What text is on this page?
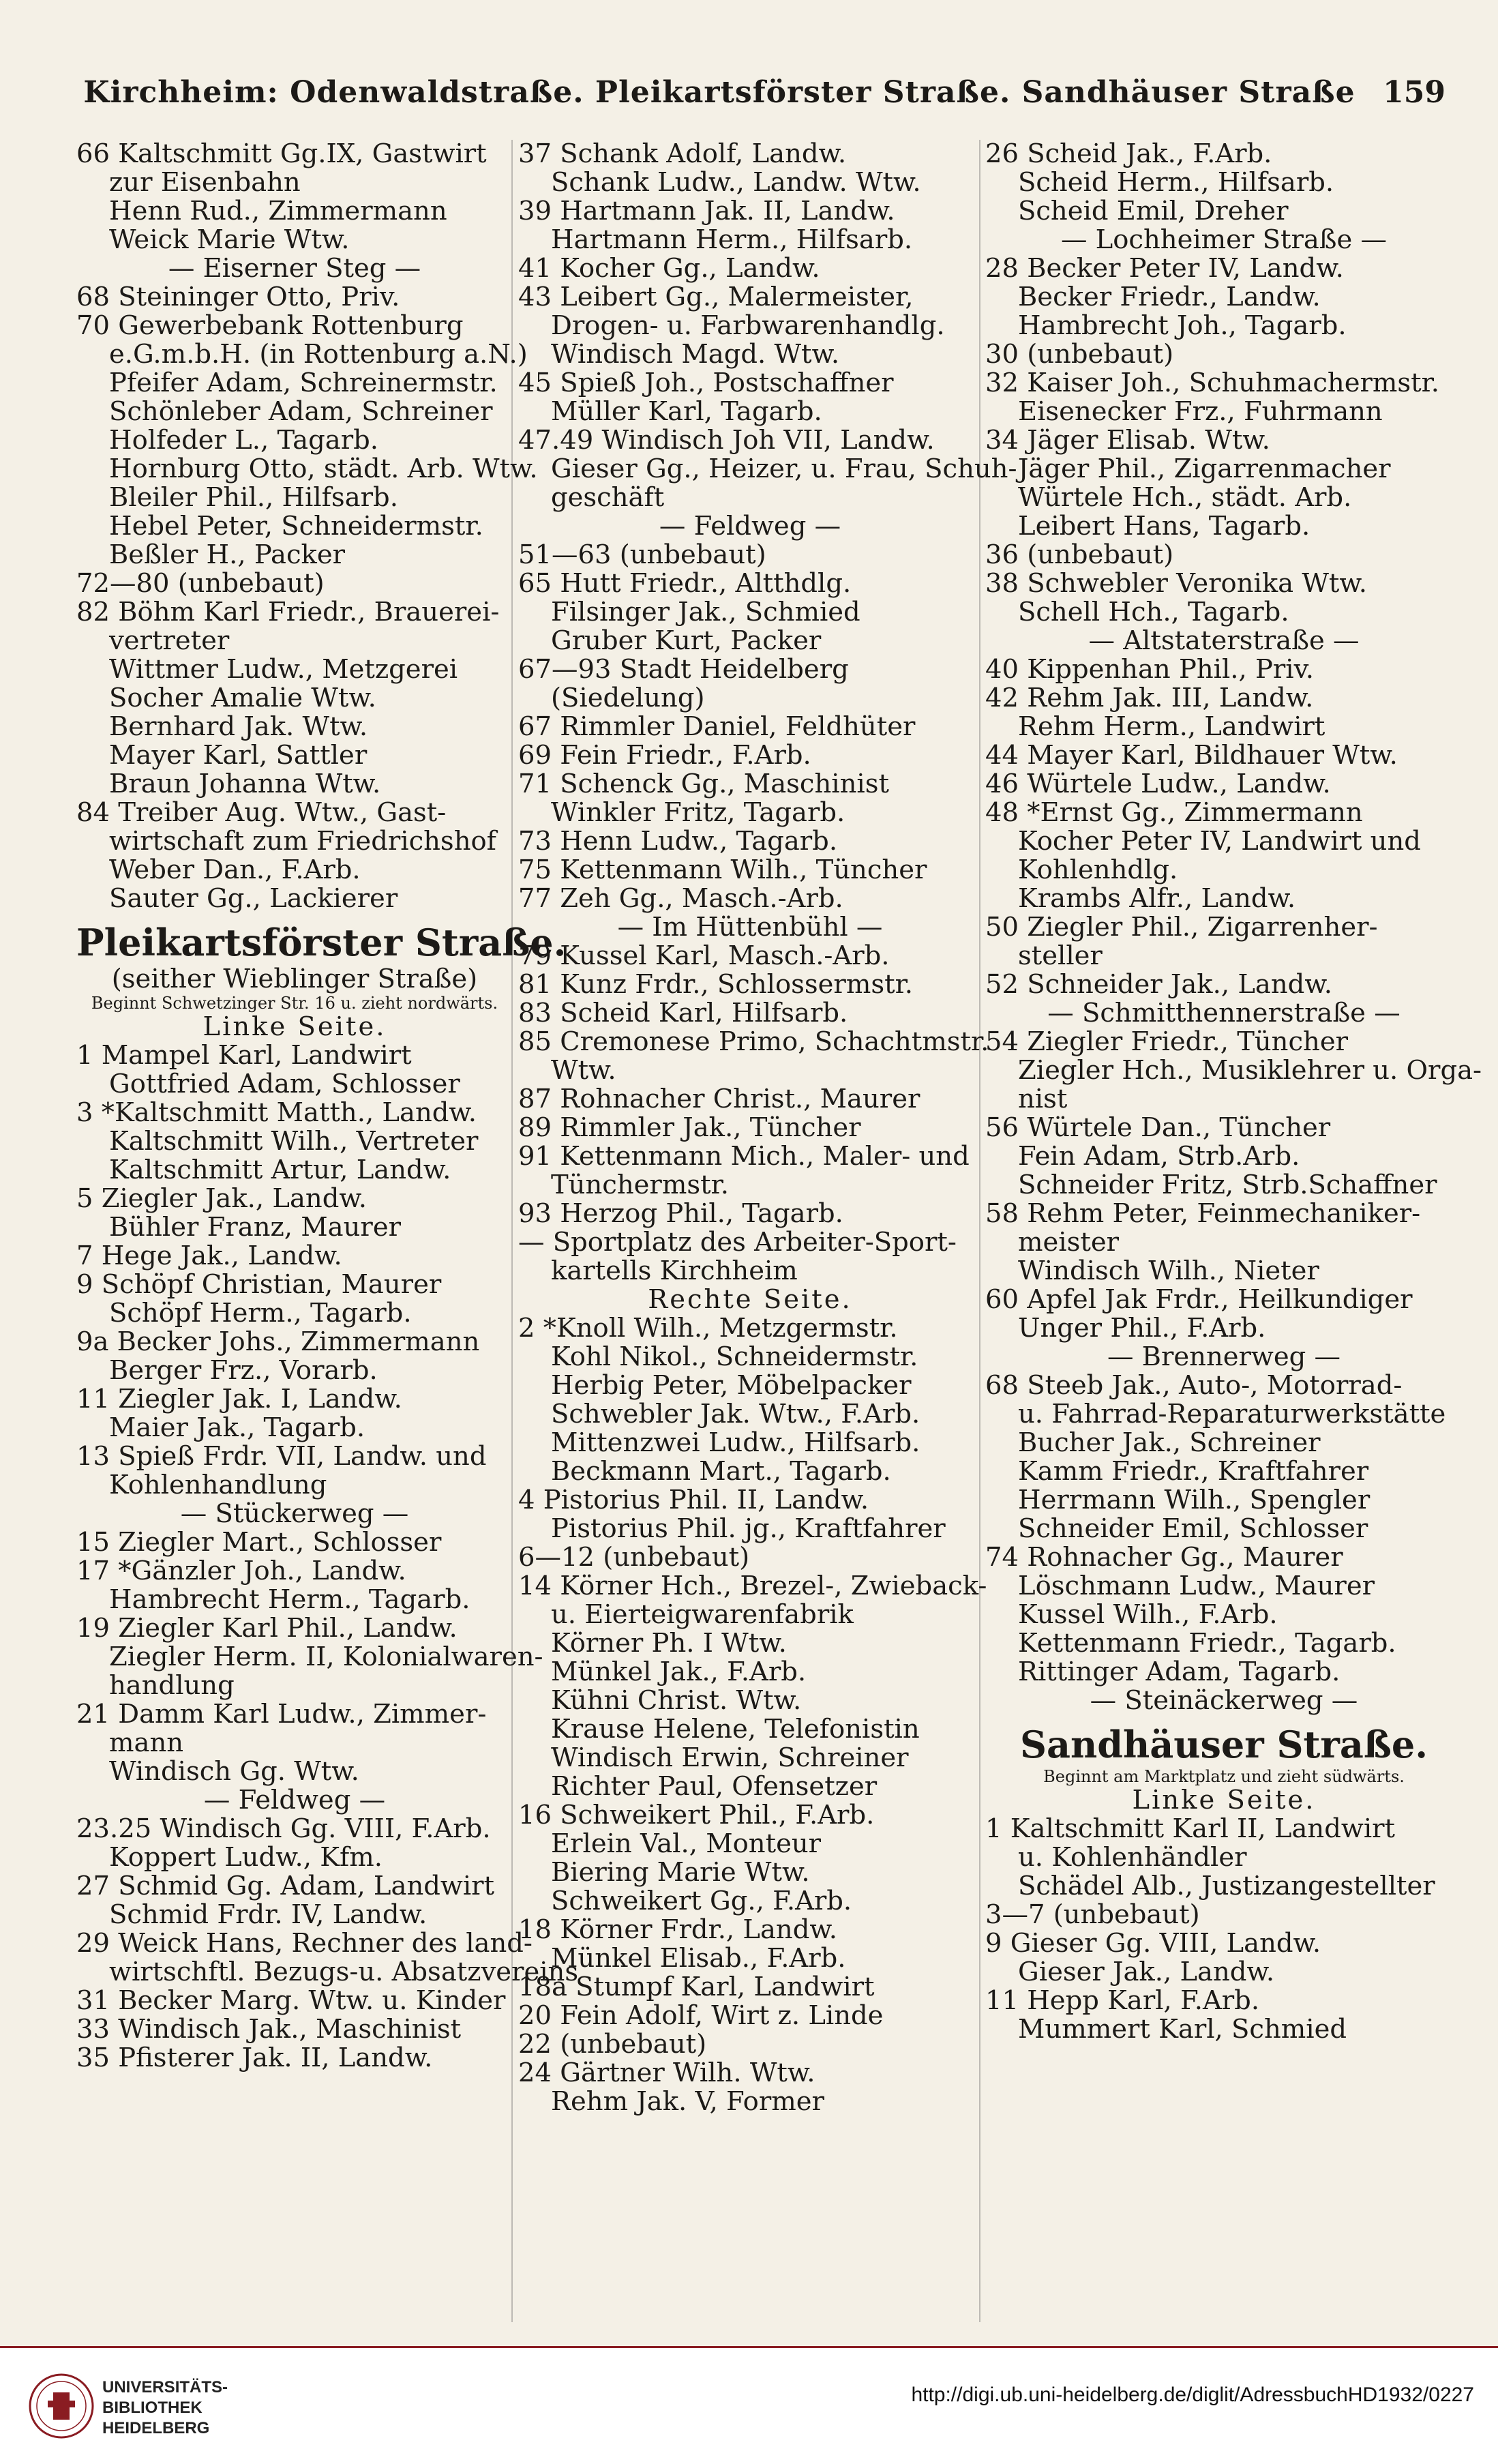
Kirchheim: Odenwaldstraße. Pleikartsförster Straße. Sandhäuser Straße 159
66 Kaltschmitt Gg.IX, Gastwirt
zur Eisenbahn
Henn Rud., Zimmermann
Weick Marie Wtw.
— Eiserner Steg —
68 Steininger Otto, Priv.
70 Gewerbebank Rottenburg
e.G.m.b.H. (in Rottenburg a.N.)
Pfeifer Adam, Schreinermstr.
Schönleber Adam, Schreiner
Holfeder L., Tagarb.
Hornburg Otto, städt. Arb. Wtw.
Bleiler Phil., Hilfsarb.
Hebel Peter, Schneidermstr.
Beßler H., Packer
72—80 (unbebaut)
82 Böhm Karl Friedr., Brauerei-
vertreter
Wittmer Ludw., Metzgerei
Socher Amalie Wtw.
Bernhard Jak. Wtw.
Mayer Karl, Sattler
Braun Johanna Wtw.
84 Treiber Aug. Wtw., Gast-
wirtschaft zum Friedrichshof
Weber Dan., F.Arb.
Sauter Gg., Lackierer
Pleikartsförster Straße.
(seither Wieblinger Straße)
Beginnt Schwetzinger Str. 16 u. zieht nordwärts.
Linke Seite.
1 Mampel Karl, Landwirt
Gottfried Adam, Schlosser
3 *Kaltschmitt Matth., Landw.
Kaltschmitt Wilh., Vertreter
Kaltschmitt Artur, Landw.
5 Ziegler Jak., Landw.
Bühler Franz, Maurer
7 Hege Jak., Landw.
9 Schöpf Christian, Maurer
Schöpf Herm., Tagarb.
9a Becker Johs., Zimmermann
Berger Frz., Vorarb.
11 Ziegler Jak. I, Landw.
Maier Jak., Tagarb.
13 Spieß Frdr. VII, Landw. und
Kohlenhandlung
— Stückerweg —
15 Ziegler Mart., Schlosser
17 *Gänzler Joh., Landw.
Hambrecht Herm., Tagarb.
19 Ziegler Karl Phil., Landw.
Ziegler Herm. II, Kolonialwaren-
handlung
21 Damm Karl Ludw., Zimmer-
mann
Windisch Gg. Wtw.
— Feldweg —
23.25 Windisch Gg. VIII, F.Arb.
Koppert Ludw., Kfm.
27 Schmid Gg. Adam, Landwirt
Schmid Frdr. IV, Landw.
29 Weick Hans, Rechner des land-
wirtschftl. Bezugs-u. Absatzvereins
31 Becker Marg. Wtw. u. Kinder
33 Windisch Jak., Maschinist
35 Pfisterer Jak. II, Landw.
37 Schank Adolf, Landw.
Schank Ludw., Landw. Wtw.
39 Hartmann Jak. II, Landw.
Hartmann Herm., Hilfsarb.
41 Kocher Gg., Landw.
43 Leibert Gg., Malermeister,
Drogen- u. Farbwarenhandlg.
Windisch Magd. Wtw.
45 Spieß Joh., Postschaffner
Müller Karl, Tagarb.
47.49 Windisch Joh VII, Landw.
Gieser Gg., Heizer, u. Frau, Schuh-
geschäft
— Feldweg —
51—63 (unbebaut)
65 Hutt Friedr., Altthdlg.
Filsinger Jak., Schmied
Gruber Kurt, Packer
67—93 Stadt Heidelberg
(Siedelung)
67 Rimmler Daniel, Feldhüter
69 Fein Friedr., F.Arb.
71 Schenck Gg., Maschinist
Winkler Fritz, Tagarb.
73 Henn Ludw., Tagarb.
75 Kettenmann Wilh., Tüncher
77 Zeh Gg., Masch.-Arb.
— Im Hüttenbühl —
79 Kussel Karl, Masch.-Arb.
81 Kunz Frdr., Schlossermstr.
83 Scheid Karl, Hilfsarb.
85 Cremonese Primo, Schachtmstr.
Wtw.
87 Rohnacher Christ., Maurer
89 Rimmler Jak., Tüncher
91 Kettenmann Mich., Maler- und
Tünchermstr.
93 Herzog Phil., Tagarb.
— Sportplatz des Arbeiter-Sport-
kartells Kirchheim
Rechte Seite.
2 *Knoll Wilh., Metzgermstr.
Kohl Nikol., Schneidermstr.
Herbig Peter, Möbelpacker
Schwebler Jak. Wtw., F.Arb.
Mittenzwei Ludw., Hilfsarb.
Beckmann Mart., Tagarb.
4 Pistorius Phil. II, Landw.
Pistorius Phil. jg., Kraftfahrer
6—12 (unbebaut)
14 Körner Hch., Brezel-, Zwieback-
u. Eierteigwarenfabrik
Körner Ph. I Wtw.
Münkel Jak., F.Arb.
Kühni Christ. Wtw.
Krause Helene, Telefonistin
Windisch Erwin, Schreiner
Richter Paul, Ofensetzer
16 Schweikert Phil., F.Arb.
Erlein Val., Monteur
Biering Marie Wtw.
Schweikert Gg., F.Arb.
18 Körner Frdr., Landw.
Münkel Elisab., F.Arb.
18a Stumpf Karl, Landwirt
20 Fein Adolf, Wirt z. Linde
22 (unbebaut)
24 Gärtner Wilh. Wtw.
Rehm Jak. V, Former
26 Scheid Jak., F.Arb.
Scheid Herm., Hilfsarb.
Scheid Emil, Dreher
— Lochheimer Straße —
28 Becker Peter IV, Landw.
Becker Friedr., Landw.
Hambrecht Joh., Tagarb.
30 (unbebaut)
32 Kaiser Joh., Schuhmachermstr.
Eisenecker Frz., Fuhrmann
34 Jäger Elisab. Wtw.
Jäger Phil., Zigarrenmacher
Würtele Hch., städt. Arb.
Leibert Hans, Tagarb.
36 (unbebaut)
38 Schwebler Veronika Wtw.
Schell Hch., Tagarb.
— Altstaterstraße —
40 Kippenhan Phil., Priv.
42 Rehm Jak. III, Landw.
Rehm Herm., Landwirt
44 Mayer Karl, Bildhauer Wtw.
46 Würtele Ludw., Landw.
48 *Ernst Gg., Zimmermann
Kocher Peter IV, Landwirt und
Kohlenhdlg.
Krambs Alfr., Landw.
50 Ziegler Phil., Zigarrenher-
steller
52 Schneider Jak., Landw.
— Schmitthennerstraße —
54 Ziegler Friedr., Tüncher
Ziegler Hch., Musiklehrer u. Orga-
nist
56 Würtele Dan., Tüncher
Fein Adam, Strb.Arb.
Schneider Fritz, Strb.Schaffner
58 Rehm Peter, Feinmechaniker-
meister
Windisch Wilh., Nieter
60 Apfel Jak Frdr., Heilkundiger
Unger Phil., F.Arb.
— Brennerweg —
68 Steeb Jak., Auto-, Motorrad-
u. Fahrrad-Reparaturwerkstätte
Bucher Jak., Schreiner
Kamm Friedr., Kraftfahrer
Herrmann Wilh., Spengler
Schneider Emil, Schlosser
74 Rohnacher Gg., Maurer
Löschmann Ludw., Maurer
Kussel Wilh., F.Arb.
Kettenmann Friedr., Tagarb.
Rittinger Adam, Tagarb.
— Steinäckerweg —
Sandhäuser Straße.
Beginnt am Marktplatz und zieht südwärts.
Linke Seite.
1 Kaltschmitt Karl II, Landwirt
u. Kohlenhändler
Schädel Alb., Justizangestellter
3—7 (unbebaut)
9 Gieser Gg. VIII, Landw.
Gieser Jak., Landw.
11 Hepp Karl, F.Arb.
Mummert Karl, Schmied
UNIVERSITÄTS-
BIBLIOTHEK
HEIDELBERG
http://digi.ub.uni-heidelberg.de/diglit/AdressbuchHD1932/0227
